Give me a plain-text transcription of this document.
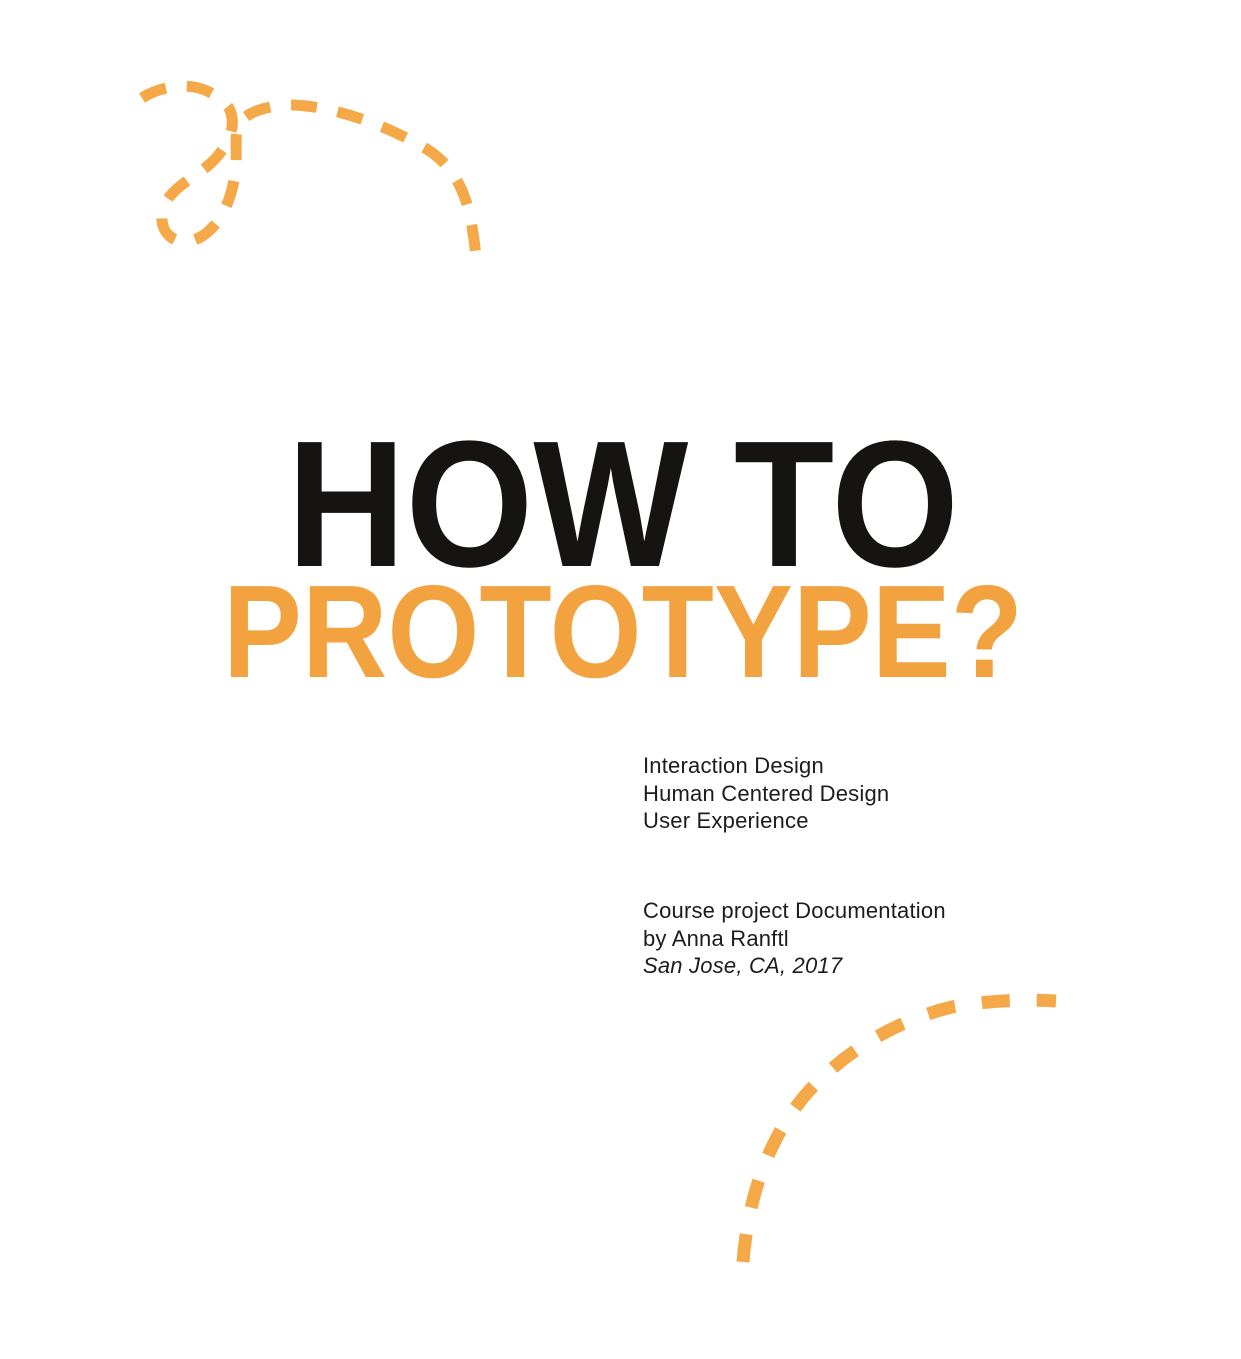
HOW TO
PROTOTYPE?
Interaction Design
Human Centered Design
User Experience
Course project Documentation
by Anna Ranftl
San Jose, CA, 2017
